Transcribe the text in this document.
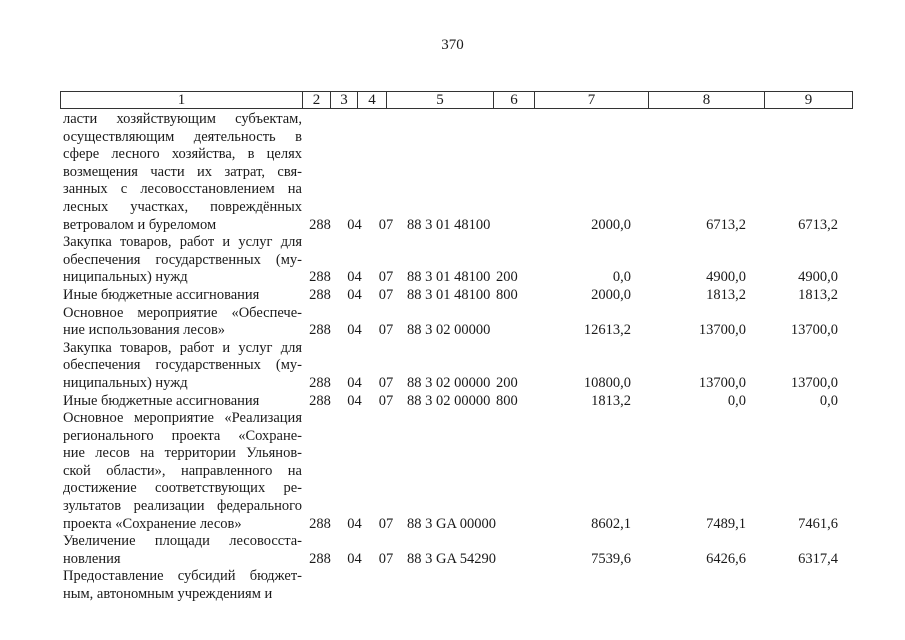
370
1	2	3	4	5	6	7	8	9
ласти хозяйствующим субъектам,
осуществляющим деятельность в
сфере лесного хозяйства, в целях
возмещения части их затрат, свя-
занных с лесовосстановлением на
лесных участках, повреждённых
ветровалом и буреломом	288	04	07 88 3 01 48100	2000,0	6713,2	6713,2
Закупка товаров, работ и услуг для
обеспечения государственных (му-
ниципальных) нужд	288	04	07 88 3 01 48100 200	0,0	4900,0	4900,0
Иные бюджетные ассигнования	288	04	07 88 3 01 48100 800	2000,0	1813,2	1813,2
Основное мероприятие «Обеспече-
ние использования лесов»	288	04	07 88 3 02 00000	12613,2	13700,0	13700,0
Закупка товаров, работ и услуг для
обеспечения государственных (му-
ниципальных) нужд	288	04	07 88 3 02 00000 200	10800,0	13700,0	13700,0
Иные бюджетные ассигнования	288	04	07 88 3 02 00000 800	1813,2	0,0	0,0
Основное мероприятие «Реализация
регионального проекта «Сохране-
ние лесов на территории Ульянов-
ской области», направленного на
достижение соответствующих ре-
зультатов реализации федерального
проекта «Сохранение лесов»	288	04	07 88 3 GA 00000	8602,1	7489,1	7461,6
Увеличение площади лесовосста-
новления	288	04	07 88 3 GA 54290	7539,6	6426,6	6317,4
Предоставление субсидий бюджет-
ным, автономным учреждениям и
